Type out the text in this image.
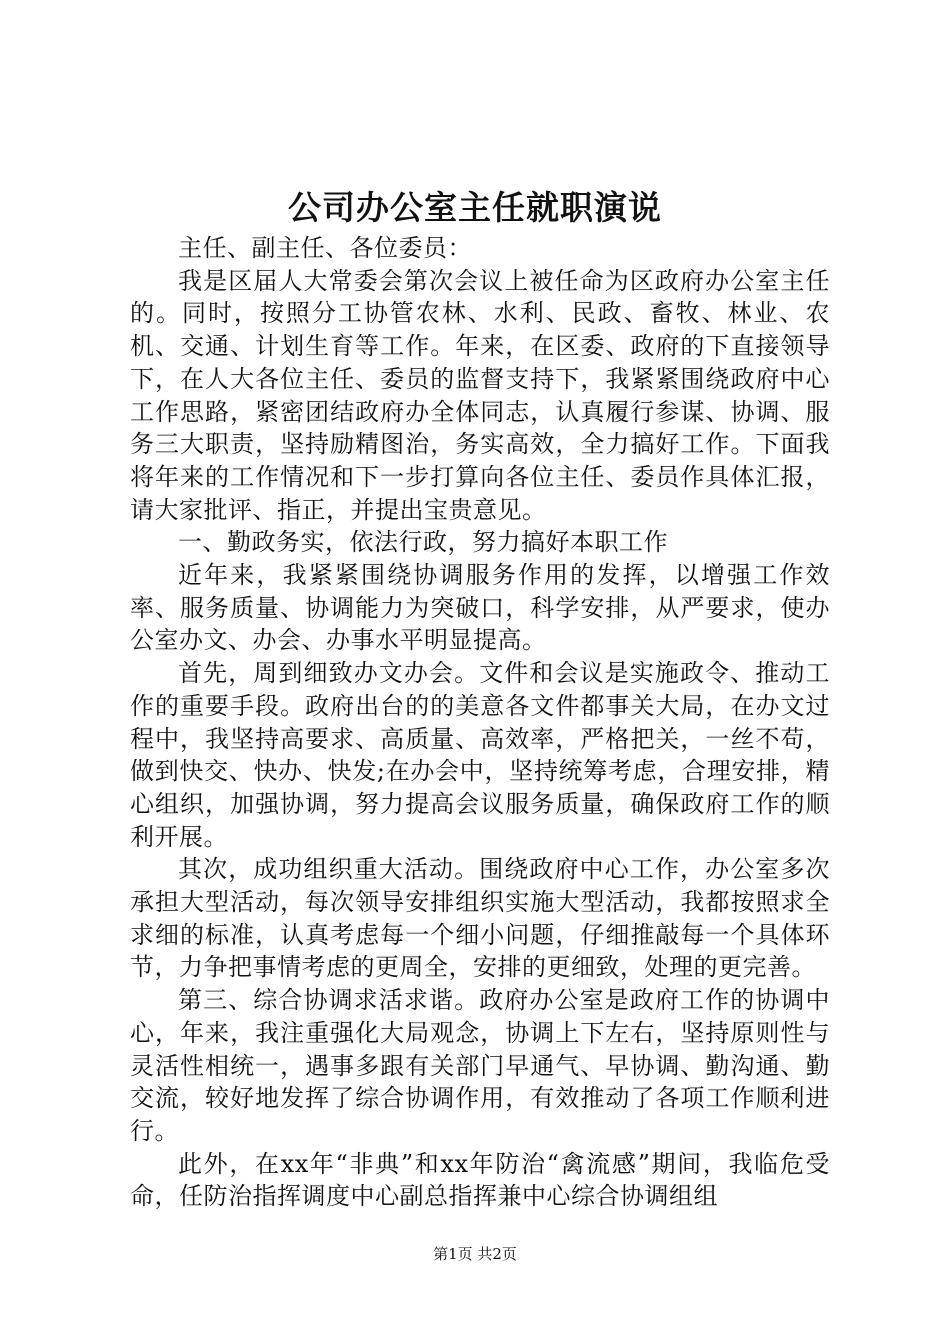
公司办公室主任就职演说

主任、副主任、各位委员：

我是区届人大常委会第次会议上被任命为区政府办公室主任的。同时，按照分工协管农林、水利、民政、畜牧、林业、农机、交通、计划生育等工作。年来，在区委、政府的下直接领导下，在人大各位主任、委员的监督支持下，我紧紧围绕政府中心工作思路，紧密团结政府办全体同志，认真履行参谋、协调、服务三大职责，坚持励精图治，务实高效，全力搞好工作。下面我将年来的工作情况和下一步打算向各位主任、委员作具体汇报，请大家批评、指正，并提出宝贵意见。

一、勤政务实，依法行政，努力搞好本职工作

近年来，我紧紧围绕协调服务作用的发挥，以增强工作效率、服务质量、协调能力为突破口，科学安排，从严要求，使办公室办文、办会、办事水平明显提高。

首先，周到细致办文办会。文件和会议是实施政令、推动工作的重要手段。政府出台的的美意各文件都事关大局，在办文过程中，我坚持高要求、高质量、高效率，严格把关，一丝不苟，做到快交、快办、快发;在办会中，坚持统筹考虑，合理安排，精心组织，加强协调，努力提高会议服务质量，确保政府工作的顺利开展。

其次，成功组织重大活动。围绕政府中心工作，办公室多次承担大型活动，每次领导安排组织实施大型活动，我都按照求全求细的标准，认真考虑每一个细小问题，仔细推敲每一个具体环节，力争把事情考虑的更周全，安排的更细致，处理的更完善。

第三、综合协调求活求谐。政府办公室是政府工作的协调中心，年来，我注重强化大局观念，协调上下左右，坚持原则性与灵活性相统一，遇事多跟有关部门早通气、早协调、勤沟通、勤交流，较好地发挥了综合协调作用，有效推动了各项工作顺利进行。

此外，在xx年“非典”和xx年防治“禽流感”期间，我临危受命，任防治指挥调度中心副总指挥兼中心综合协调组组

第1页 共2页
